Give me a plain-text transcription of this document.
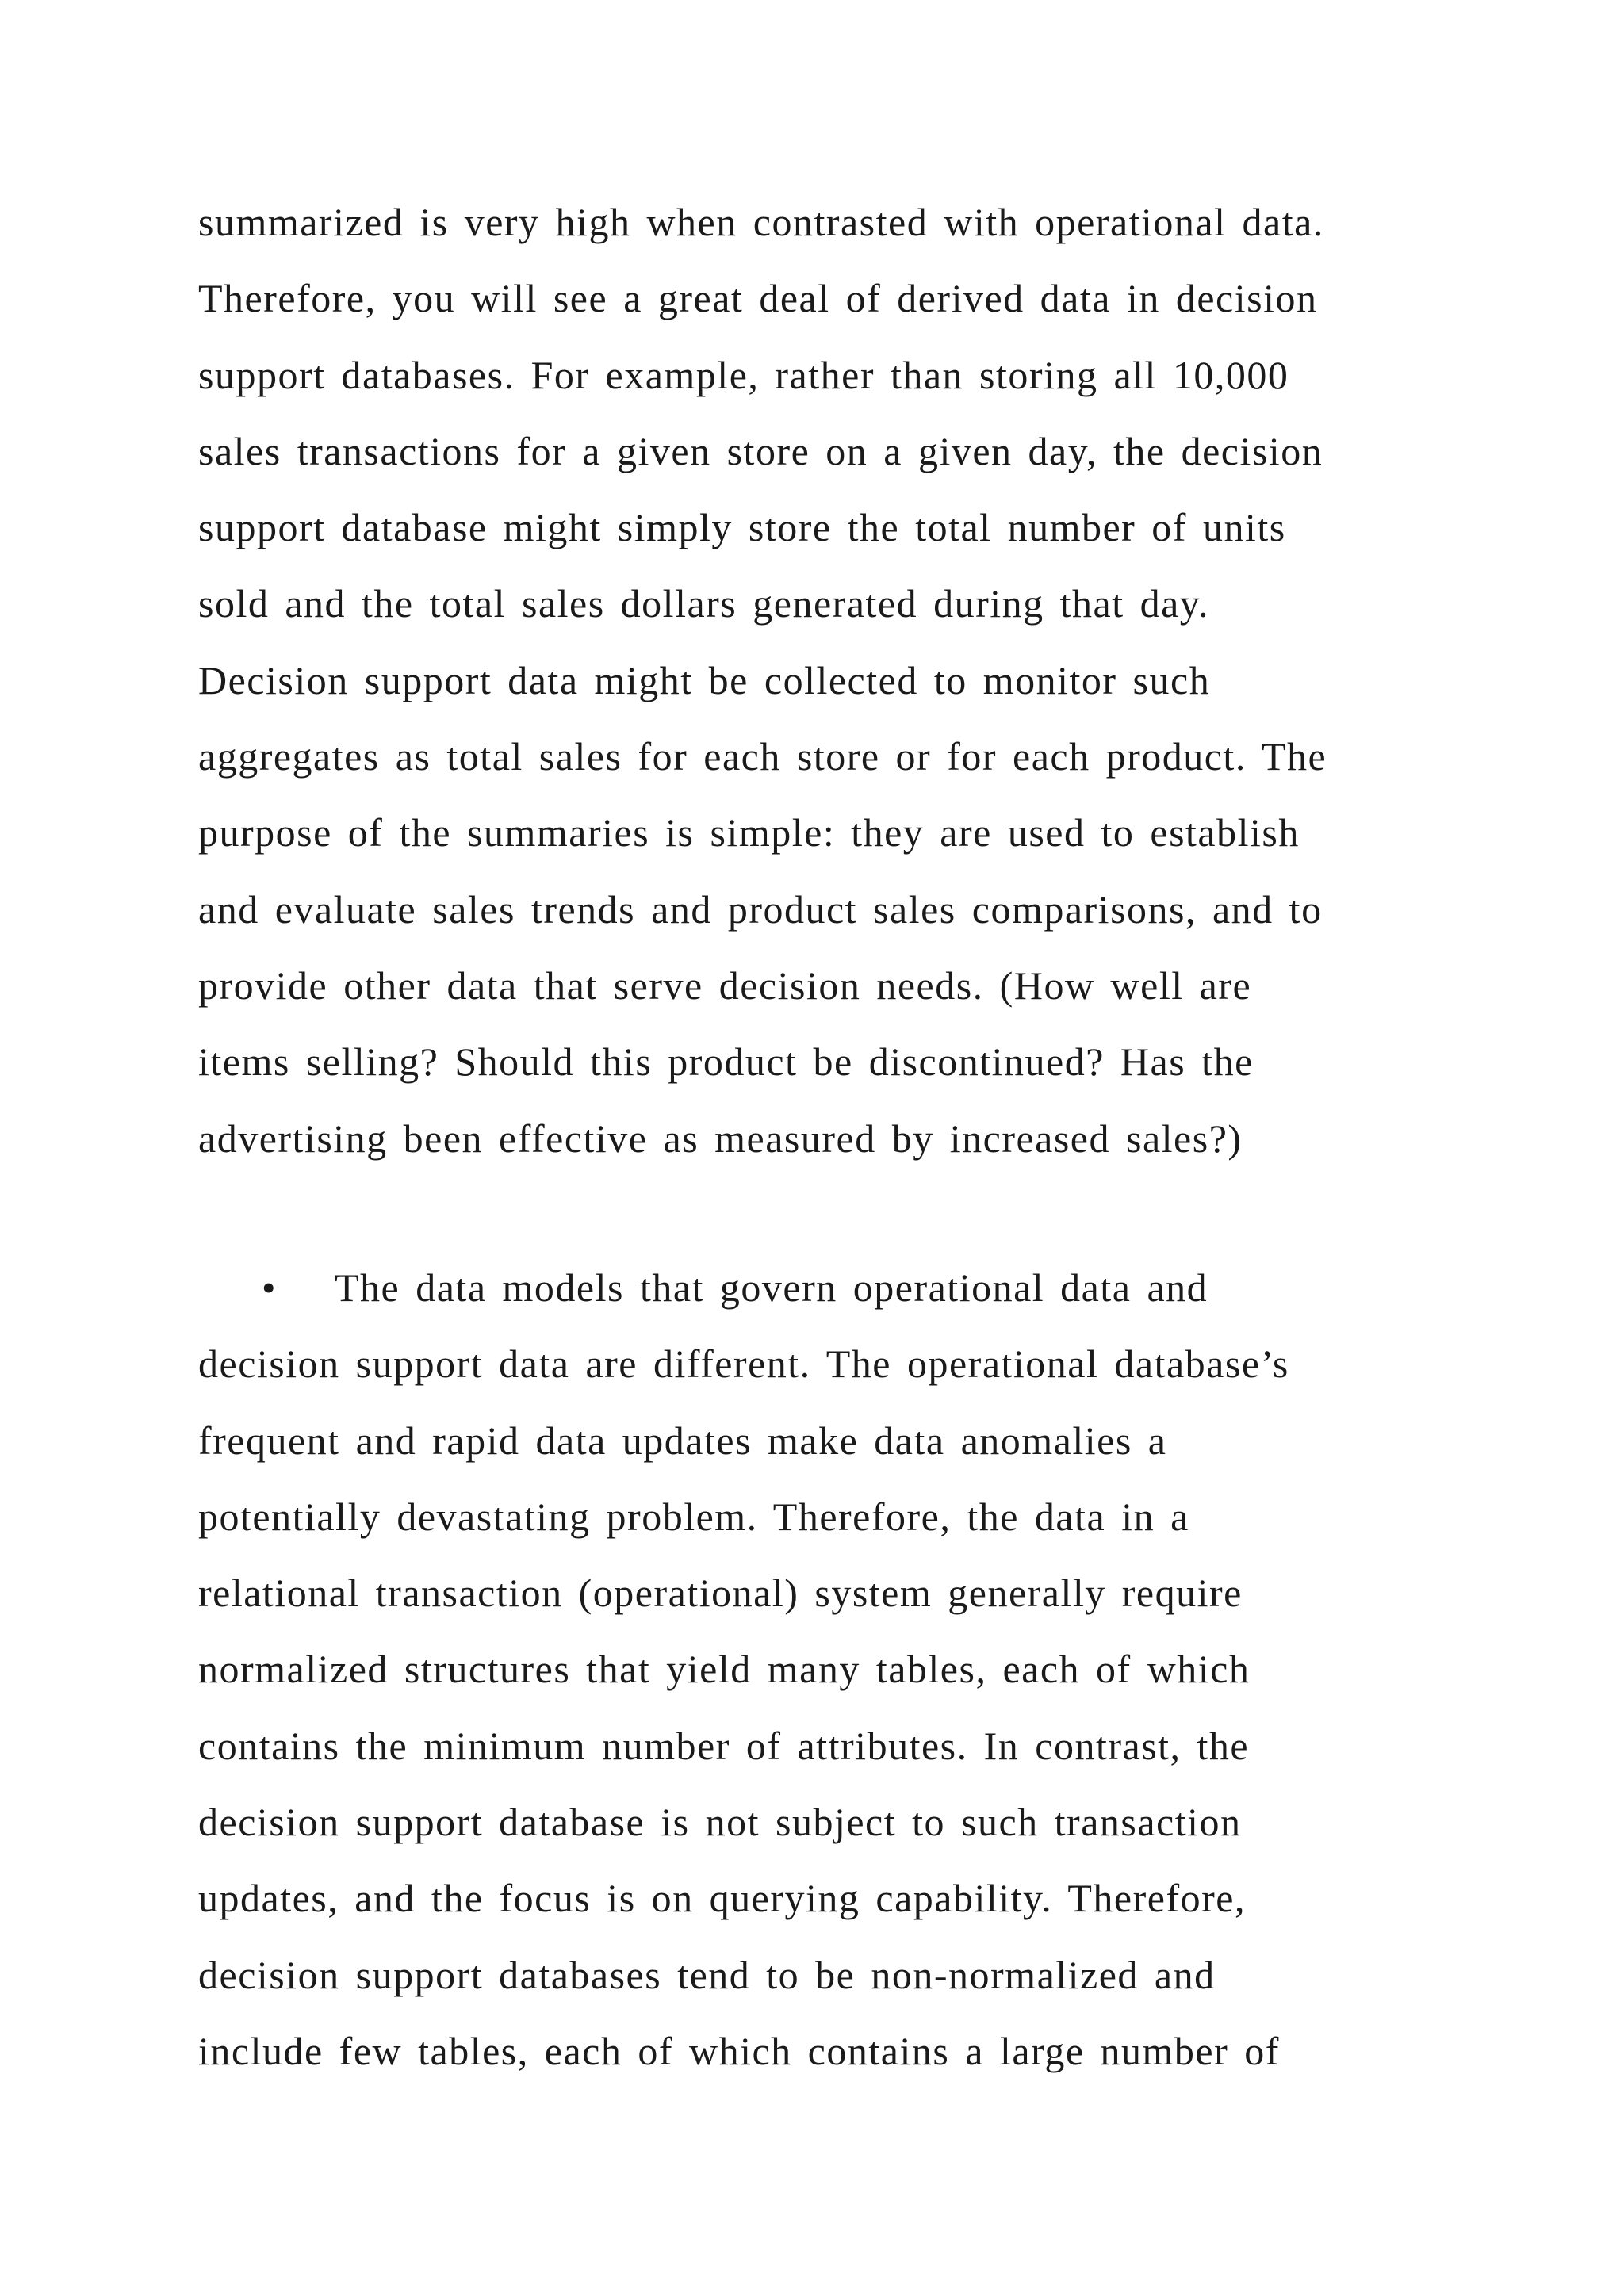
summarized is very high when contrasted with operational data.
Therefore, you will see a great deal of derived data in decision
support databases. For example, rather than storing all 10,000
sales transactions for a given store on a given day, the decision
support database might simply store the total number of units
sold and the total sales dollars generated during that day.
Decision support data might be collected to monitor such
aggregates as total sales for each store or for each product. The
purpose of the summaries is simple: they are used to establish
and evaluate sales trends and product sales comparisons, and to
provide other data that serve decision needs. (How well are
items selling? Should this product be discontinued? Has the
advertising been effective as measured by increased sales?)
• The data models that govern operational data and
decision support data are different. The operational database’s
frequent and rapid data updates make data anomalies a
potentially devastating problem. Therefore, the data in a
relational transaction (operational) system generally require
normalized structures that yield many tables, each of which
contains the minimum number of attributes. In contrast, the
decision support database is not subject to such transaction
updates, and the focus is on querying capability. Therefore,
decision support databases tend to be non-normalized and
include few tables, each of which contains a large number of
